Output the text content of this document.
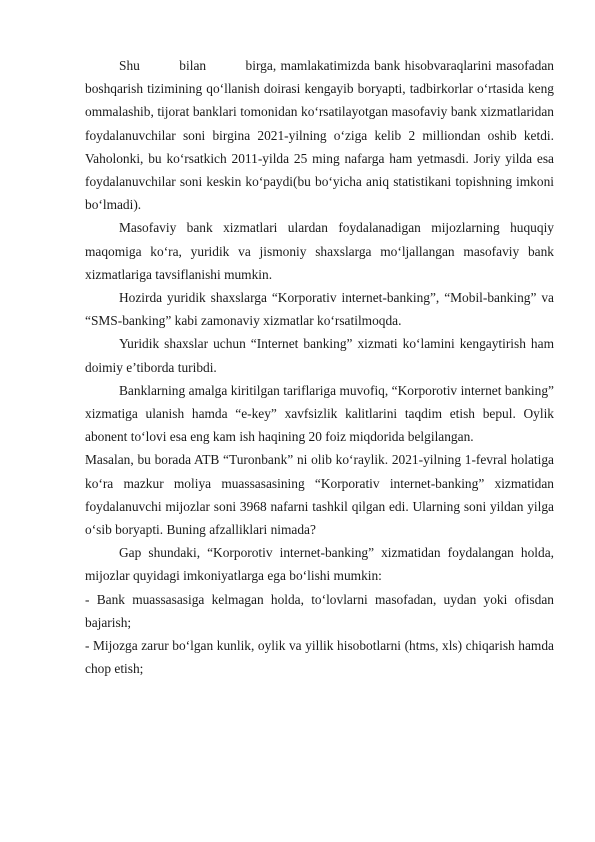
Shu         bilan         birga, mamlakatimizda bank hisobvaraqlarini masofadan boshqarish tizimining qoʻllanish doirasi kengayib boryapti, tadbirkorlar oʻrtasida keng ommalashib, tijorat banklari tomonidan koʻrsatilayotgan masofaviy bank xizmatlaridan foydalanuvchilar soni birgina 2021-yilning oʻziga kelib 2 milliondan oshib ketdi. Vaholonki, bu koʻrsatkich 2011-yilda 25 ming nafarga ham yetmasdi. Joriy yilda esa foydalanuvchilar soni keskin koʻpaydi(bu boʻyicha aniq statistikani topishning imkoni boʻlmadi).

Masofaviy bank xizmatlari ulardan foydalanadigan mijozlarning huquqiy maqomiga koʻra, yuridik va jismoniy shaxslarga moʻljallangan masofaviy bank xizmatlariga tavsiflanishi mumkin.

Hozirda yuridik shaxslarga “Korporativ internet-banking”, “Mobil-banking” va “SMS-banking” kabi zamonaviy xizmatlar koʻrsatilmoqda.

Yuridik shaxslar uchun “Internet banking” xizmati koʻlamini kengaytirish ham doimiy e’tiborda turibdi.

Banklarning amalga kiritilgan tariflariga muvofiq, “Korporotiv internet banking” xizmatiga ulanish hamda “e-key” xavfsizlik kalitlarini taqdim etish bepul. Oylik abonent toʻlovi esa eng kam ish haqining 20 foiz miqdorida belgilangan.

Masalan, bu borada ATB “Turonbank” ni olib koʻraylik. 2021-yilning 1-fevral holatiga koʻra mazkur moliya muassasasining “Korporativ internet-banking” xizmatidan foydalanuvchi mijozlar soni 3968 nafarni tashkil qilgan edi. Ularning soni yildan yilga oʻsib boryapti. Buning afzalliklari nimada?

Gap shundaki, “Korporotiv internet-banking” xizmatidan foydalangan holda, mijozlar quyidagi imkoniyatlarga ega boʻlishi mumkin:

- Bank muassasasiga kelmagan holda, toʻlovlarni masofadan, uydan yoki ofisdan bajarish;

- Mijozga zarur boʻlgan kunlik, oylik va yillik hisobotlarni (htms, xls) chiqarish hamda chop etish;
